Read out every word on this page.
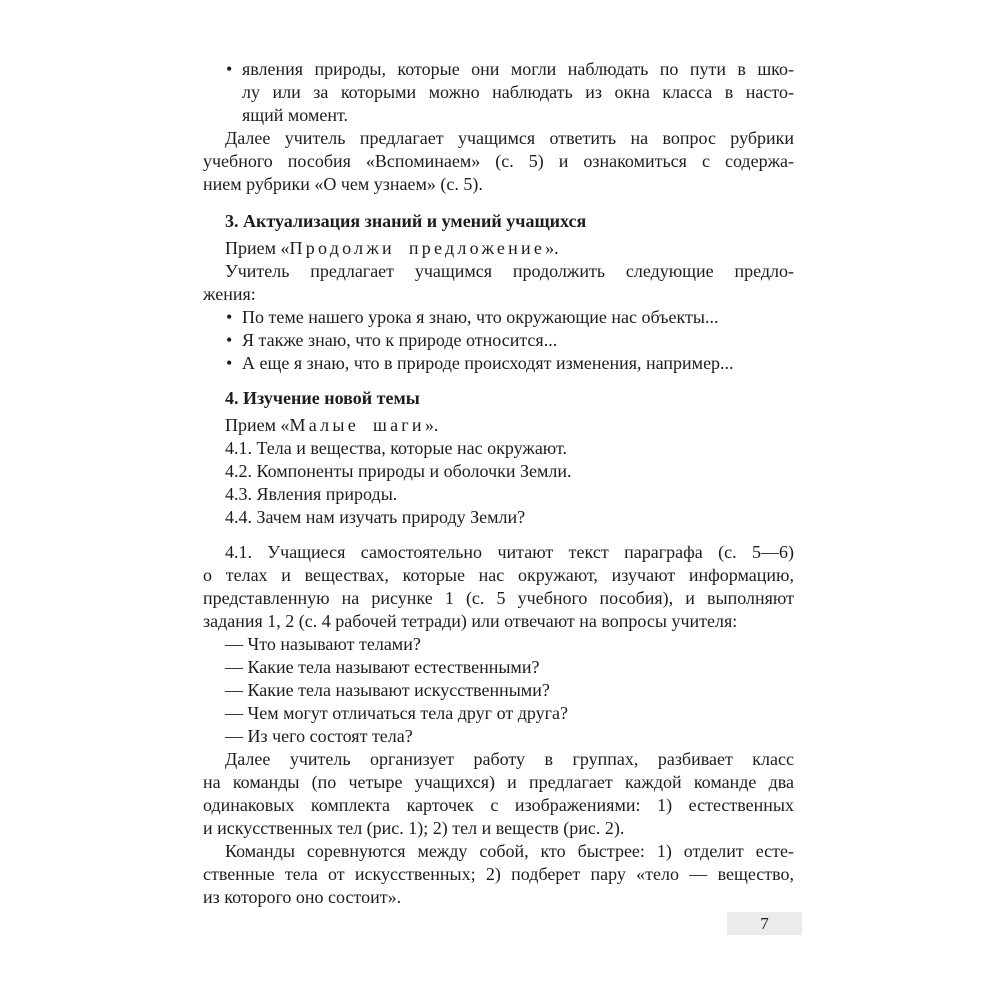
• явления природы, которые они могли наблюдать по пути в шко-
лу или за которыми можно наблюдать из окна класса в насто-
ящий момент.
Далее учитель предлагает учащимся ответить на вопрос рубрики
учебного пособия «Вспоминаем» (с. 5) и ознакомиться с содержа-
нием рубрики «О чем узнаем» (с. 5).
3. Актуализация знаний и умений учащихся
Прием «Продолжи предложение».
Учитель предлагает учащимся продолжить следующие предло-
жения:
• По теме нашего урока я знаю, что окружающие нас объекты...
• Я также знаю, что к природе относится...
• А еще я знаю, что в природе происходят изменения, например...
4. Изучение новой темы
Прием «Малые шаги».
4.1. Тела и вещества, которые нас окружают.
4.2. Компоненты природы и оболочки Земли.
4.3. Явления природы.
4.4. Зачем нам изучать природу Земли?
4.1. Учащиеся самостоятельно читают текст параграфа (с. 5—6)
о телах и веществах, которые нас окружают, изучают информацию,
представленную на рисунке 1 (с. 5 учебного пособия), и выполняют
задания 1, 2 (с. 4 рабочей тетради) или отвечают на вопросы учителя:
— Что называют телами?
— Какие тела называют естественными?
— Какие тела называют искусственными?
— Чем могут отличаться тела друг от друга?
— Из чего состоят тела?
Далее учитель организует работу в группах, разбивает класс
на команды (по четыре учащихся) и предлагает каждой команде два
одинаковых комплекта карточек с изображениями: 1) естественных
и искусственных тел (рис. 1); 2) тел и веществ (рис. 2).
Команды соревнуются между собой, кто быстрее: 1) отделит есте-
ственные тела от искусственных; 2) подберет пару «тело — вещество,
из которого оно состоит».
7
